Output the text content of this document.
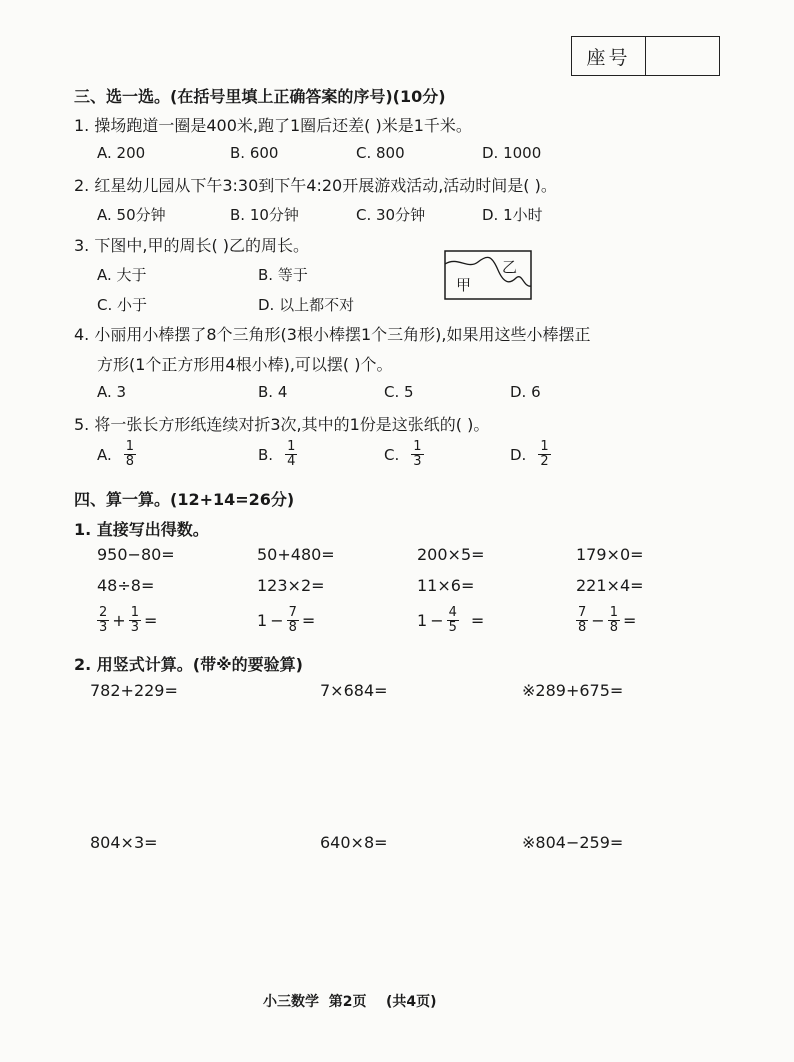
座号
三、选一选。(在括号里填上正确答案的序号)(10分)
1. 操场跑道一圈是400米,跑了1圈后还差( )米是1千米。
A. 200	B. 600	C. 800	D. 1000
2. 红星幼儿园从下午3:30到下午4:20开展游戏活动,活动时间是( )。
A. 50分钟	B. 10分钟	C. 30分钟	D. 1小时
3. 下图中,甲的周长( )乙的周长。
A. 大于	B. 等于
C. 小于	D. 以上都不对
甲
乙
4. 小丽用小棒摆了8个三角形(3根小棒摆1个三角形),如果用这些小棒摆正
方形(1个正方形用4根小棒),可以摆( )个。
A. 3	B. 4	C. 5	D. 6
5. 将一张长方形纸连续对折3次,其中的1份是这张纸的( )。
A. $\frac{1}{8}$	B. $\frac{1}{4}$	C. $\frac{1}{3}$	D. $\frac{1}{2}$
四、算一算。(12+14=26分)
1. 直接写出得数。
950−80=	50+480=	200×5=	179×0=
48÷8=	123×2=	11×6=	221×4=
$\frac{2}{3} + \frac{1}{3}$ =	$1 - \frac{7}{8}$ =	$1 - \frac{4}{5}$ =	$\frac{7}{8} - \frac{1}{8}$ =
2. 用竖式计算。(带※的要验算)
782+229=	7×684=	※289+675=
804×3=	640×8=	※804−259=
小三数学  第2页    (共4页)
